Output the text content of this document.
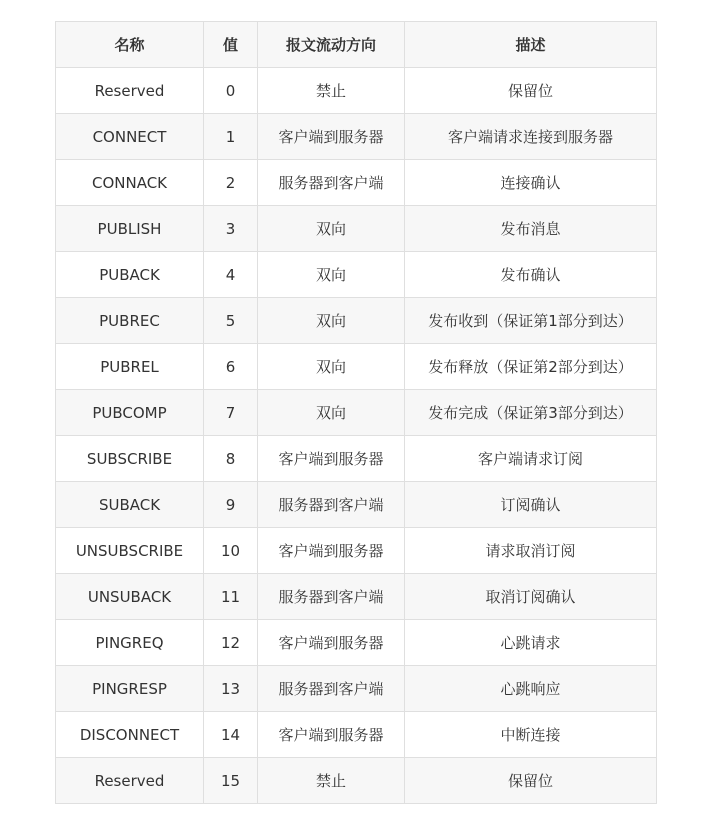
名称	值	报文流动方向	描述
Reserved	0	禁止	保留位
CONNECT	1	客户端到服务器	客户端请求连接到服务器
CONNACK	2	服务器到客户端	连接确认
PUBLISH	3	双向	发布消息
PUBACK	4	双向	发布确认
PUBREC	5	双向	发布收到（保证第1部分到达）
PUBREL	6	双向	发布释放（保证第2部分到达）
PUBCOMP	7	双向	发布完成（保证第3部分到达）
SUBSCRIBE	8	客户端到服务器	客户端请求订阅
SUBACK	9	服务器到客户端	订阅确认
UNSUBSCRIBE	10	客户端到服务器	请求取消订阅
UNSUBACK	11	服务器到客户端	取消订阅确认
PINGREQ	12	客户端到服务器	心跳请求
PINGRESP	13	服务器到客户端	心跳响应
DISCONNECT	14	客户端到服务器	中断连接
Reserved	15	禁止	保留位
